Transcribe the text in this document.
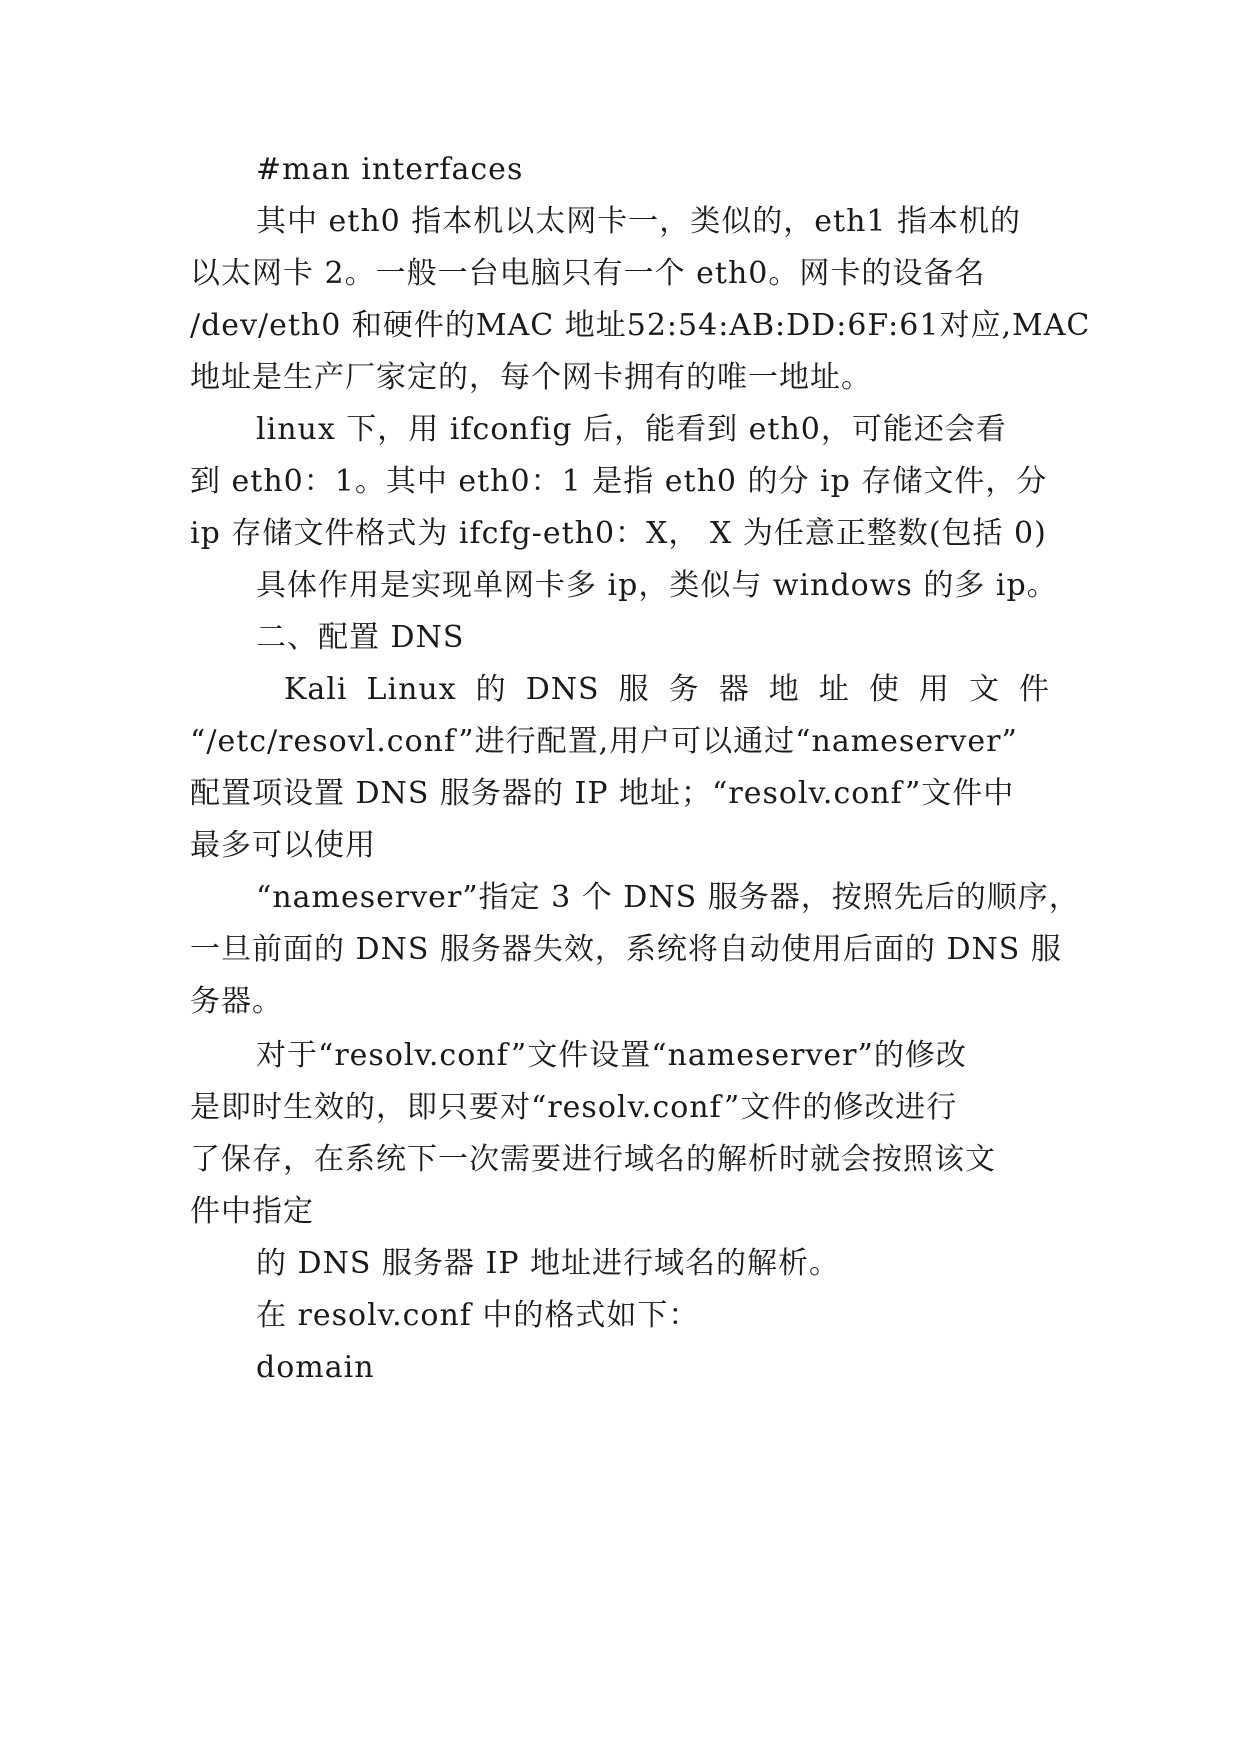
#man interfaces
其中 eth0 指本机以太网卡一，类似的，eth1 指本机的
以太网卡 2。一般一台电脑只有一个 eth0。网卡的设备名
/dev/eth0 和硬件的MAC 地址52:54:AB:DD:6F:61对应,MAC
地址是生产厂家定的，每个网卡拥有的唯一地址。
linux 下，用 ifconfig 后，能看到 eth0，可能还会看
到 eth0：1。其中 eth0：1 是指 eth0 的分 ip 存储文件，分
ip 存储文件格式为 ifcfg-eth0：X， X 为任意正整数(包括 0)
具体作用是实现单网卡多 ip，类似与 windows 的多 ip。
二、配置 DNS
Kali Linux 的 DNS 服 务 器 地 址 使 用 文 件
“/etc/resovl.conf”进行配置,用户可以通过“nameserver”
配置项设置 DNS 服务器的 IP 地址；“resolv.conf”文件中
最多可以使用
“nameserver”指定 3 个 DNS 服务器，按照先后的顺序，
一旦前面的 DNS 服务器失效，系统将自动使用后面的 DNS 服
务器。
对于“resolv.conf”文件设置“nameserver”的修改
是即时生效的，即只要对“resolv.conf”文件的修改进行
了保存，在系统下一次需要进行域名的解析时就会按照该文
件中指定
的 DNS 服务器 IP 地址进行域名的解析。
在 resolv.conf 中的格式如下：
domain
